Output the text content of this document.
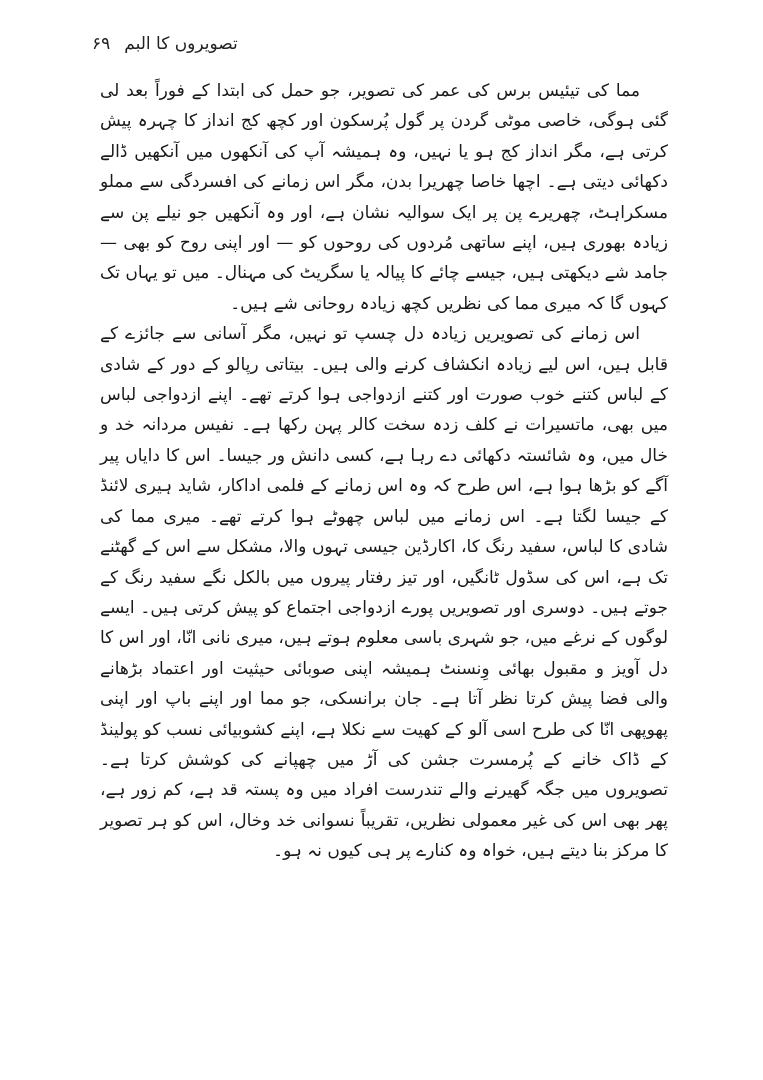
تصویروں کا البم
۶۹

مما کی تیئیس برس کی عمر کی تصویر، جو حمل کی ابتدا کے فوراً بعد لی گئی ہوگی، خاصی موٹی گردن پر گول پُرسکون اور کچھ کج انداز کا چہرہ پیش کرتی ہے، مگر انداز کج ہو یا نہیں، وہ ہمیشہ آپ کی آنکھوں میں آنکھیں ڈالے دکھائی دیتی ہے۔ اچھا خاصا چھریرا بدن، مگر اس زمانے کی افسردگی سے مملو مسکراہٹ، چھریرے پن پر ایک سوالیہ نشان ہے، اور وہ آنکھیں جو نیلے پن سے زیادہ بھوری ہیں، اپنے ساتھی مُردوں کی روحوں کو — اور اپنی روح کو بھی — جامد شے دیکھتی ہیں، جیسے چائے کا پیالہ یا سگریٹ کی مہنال۔ میں تو یہاں تک کہوں گا کہ میری مما کی نظریں کچھ زیادہ روحانی شے ہیں۔

اس زمانے کی تصویریں زیادہ دل چسپ تو نہیں، مگر آسانی سے جائزے کے قابل ہیں، اس لیے زیادہ انکشاف کرنے والی ہیں۔ بیتاتی رپالو کے دور کے شادی کے لباس کتنے خوب صورت اور کتنے ازدواجی ہوا کرتے تھے۔ اپنے ازدواجی لباس میں بھی، ماتسیرات نے کلف زدہ سخت کالر پہن رکھا ہے۔ نفیس مردانہ خد و خال میں، وہ شائستہ دکھائی دے رہا ہے، کسی دانش ور جیسا۔ اس کا دایاں پیر آگے کو بڑھا ہوا ہے، اس طرح کہ وہ اس زمانے کے فلمی اداکار، شاید ہیری لائنڈ کے جیسا لگتا ہے۔ اس زمانے میں لباس چھوٹے ہوا کرتے تھے۔ میری مما کی شادی کا لباس، سفید رنگ کا، اکارڈین جیسی تہوں والا، مشکل سے اس کے گھٹنے تک ہے، اس کی سڈول ٹانگیں، اور تیز رفتار پیروں میں بالکل نگے سفید رنگ کے جوتے ہیں۔ دوسری اور تصویریں پورے ازدواجی اجتماع کو پیش کرتی ہیں۔ ایسے لوگوں کے نرغے میں، جو شہری باسی معلوم ہوتے ہیں، میری نانی انّا، اور اس کا دل آویز و مقبول بھائی وِنسنٹ ہمیشہ اپنی صوبائی حیثیت اور اعتماد بڑھانے والی فضا پیش کرتا نظر آتا ہے۔ جان برانسکی، جو مما اور اپنے باپ اور اپنی پھوپھی انّا کی طرح اسی آلو کے کھیت سے نکلا ہے، اپنے کشوبیائی نسب کو پولینڈ کے ڈاک خانے کے پُرمسرت جشن کی آڑ میں چھپانے کی کوشش کرتا ہے۔ تصویروں میں جگہ گھیرنے والے تندرست افراد میں وہ پستہ قد ہے، کم زور ہے، پھر بھی اس کی غیر معمولی نظریں، تقریباً نسوانی خد وخال، اس کو ہر تصویر کا مرکز بنا دیتے ہیں، خواہ وہ کنارے پر ہی کیوں نہ ہو۔
